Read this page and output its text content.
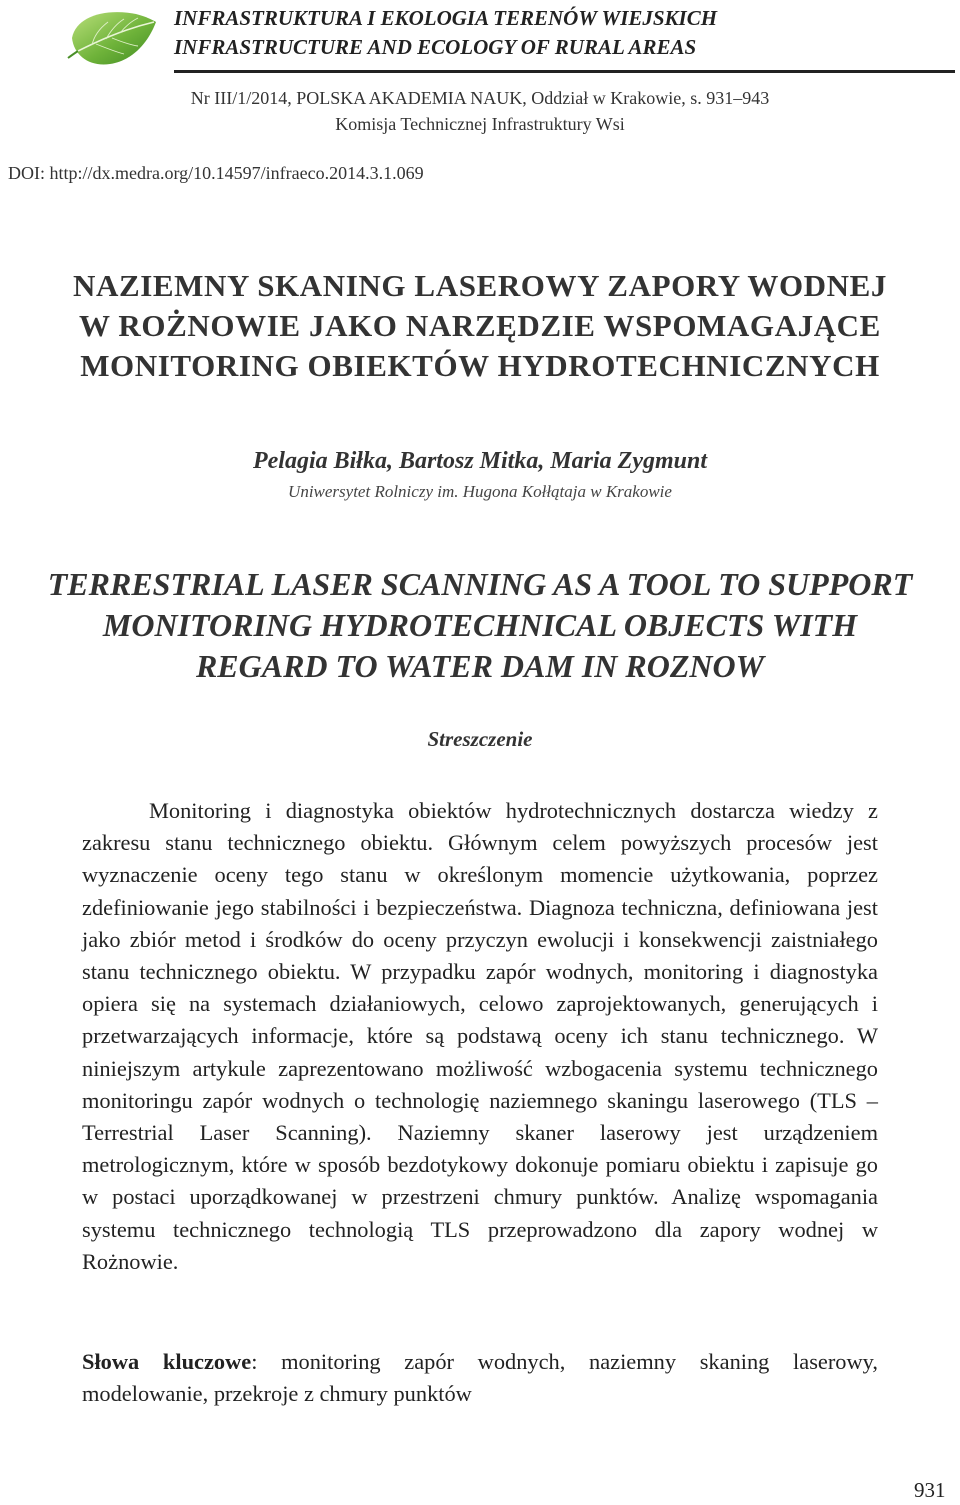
INFRASTRUKTURA I EKOLOGIA TERENÓW WIEJSKICH
INFRASTRUCTURE AND ECOLOGY OF RURAL AREAS
Nr III/1/2014, POLSKA AKADEMIA NAUK, Oddział w Krakowie, s. 931–943
Komisja Technicznej Infrastruktury Wsi
DOI: http://dx.medra.org/10.14597/infraeco.2014.3.1.069
NAZIEMNY SKANING LASEROWY ZAPORY WODNEJ
W ROŻNOWIE JAKO NARZĘDZIE WSPOMAGAJĄCE
MONITORING OBIEKTÓW HYDROTECHNICZNYCH
Pelagia Biłka, Bartosz Mitka, Maria Zygmunt
Uniwersytet Rolniczy im. Hugona Kołłątaja w Krakowie
TERRESTRIAL LASER SCANNING AS A TOOL TO SUPPORT
MONITORING HYDROTECHNICAL OBJECTS WITH
REGARD TO WATER DAM IN ROZNOW
Streszczenie

Monitoring i diagnostyka obiektów hydrotechnicznych dostarcza wiedzy z zakresu stanu technicznego obiektu. Głównym celem powyższych procesów jest wyznaczenie oceny tego stanu w określonym momencie użytkowania, poprzez zdefiniowanie jego stabilności i bezpieczeństwa. Diagnoza techniczna, definiowana jest jako zbiór metod i środków do oceny przyczyn ewolucji i konsekwencji zaistniałego stanu technicznego obiektu. W przypadku zapór wodnych, monitoring i diagnostyka opiera się na systemach działaniowych, celowo zaprojektowanych, generujących i przetwarzających informacje, które są podstawą oceny ich stanu technicznego. W niniejszym artykule zaprezentowano możliwość wzbogacenia systemu technicznego monitoringu zapór wodnych o technologię naziemnego skaningu laserowego (TLS – Terrestrial Laser Scanning). Naziemny skaner laserowy jest urządzeniem metrologicznym, które w sposób bezdotykowy dokonuje pomiaru obiektu i zapisuje go w postaci uporządkowanej w przestrzeni chmury punktów. Analizę wspomagania systemu technicznego technologią TLS przeprowadzono dla zapory wodnej w Rożnowie.

Słowa kluczowe: monitoring zapór wodnych, naziemny skaning laserowy, modelowanie, przekroje z chmury punktów

931
